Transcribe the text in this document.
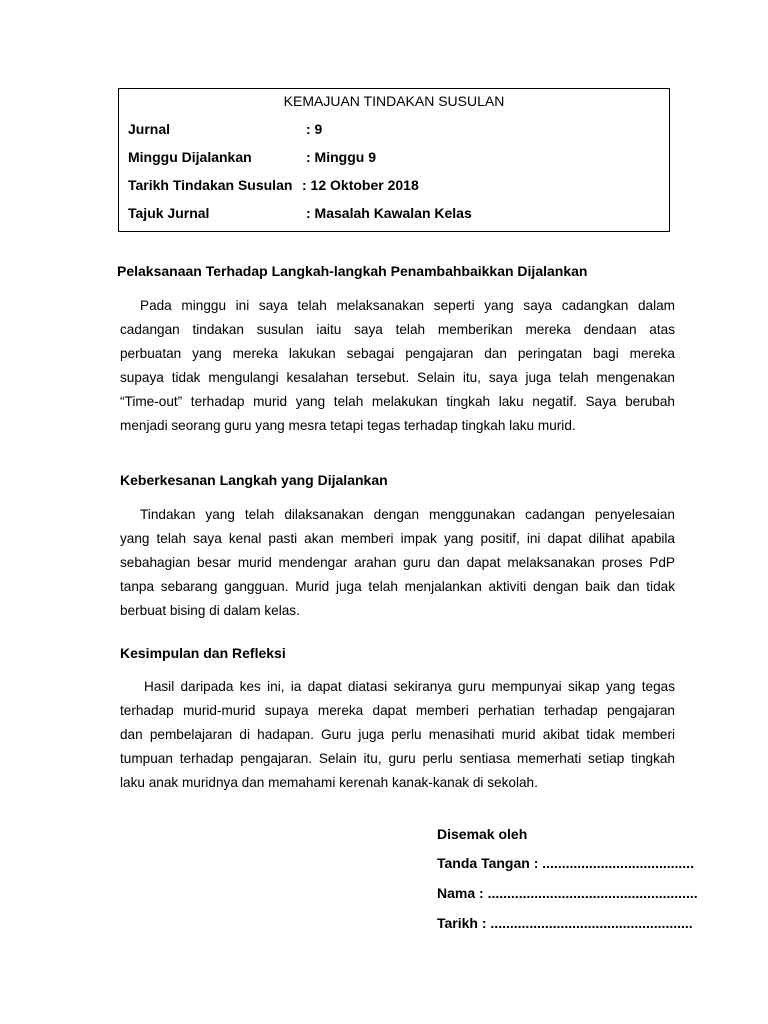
KEMAJUAN TINDAKAN SUSULAN
Jurnal	: 9
Minggu Dijalankan	: Minggu 9
Tarikh Tindakan Susulan : 12 Oktober 2018
Tajuk Jurnal	: Masalah Kawalan Kelas
Pelaksanaan Terhadap Langkah-langkah Penambahbaikkan Dijalankan
Pada minggu ini saya telah melaksanakan seperti yang saya cadangkan dalam
cadangan tindakan susulan iaitu saya telah memberikan mereka dendaan atas
perbuatan yang mereka lakukan sebagai pengajaran dan peringatan bagi mereka
supaya tidak mengulangi kesalahan tersebut. Selain itu, saya juga telah mengenakan
“Time-out” terhadap murid yang telah melakukan tingkah laku negatif. Saya berubah
menjadi seorang guru yang mesra tetapi tegas terhadap tingkah laku murid.
Keberkesanan Langkah yang Dijalankan
Tindakan yang telah dilaksanakan dengan menggunakan cadangan penyelesaian
yang telah saya kenal pasti akan memberi impak yang positif, ini dapat dilihat apabila
sebahagian besar murid mendengar arahan guru dan dapat melaksanakan proses PdP
tanpa sebarang gangguan. Murid juga telah menjalankan aktiviti dengan baik dan tidak
berbuat bising di dalam kelas.
Kesimpulan dan Refleksi
Hasil daripada kes ini, ia dapat diatasi sekiranya guru mempunyai sikap yang tegas
terhadap murid-murid supaya mereka dapat memberi perhatian terhadap pengajaran
dan pembelajaran di hadapan. Guru juga perlu menasihati murid akibat tidak memberi
tumpuan terhadap pengajaran. Selain itu, guru perlu sentiasa memerhati setiap tingkah
laku anak muridnya dan memahami kerenah kanak-kanak di sekolah.
Disemak oleh
Tanda Tangan : .......................................
Nama : ......................................................
Tarikh : ....................................................
